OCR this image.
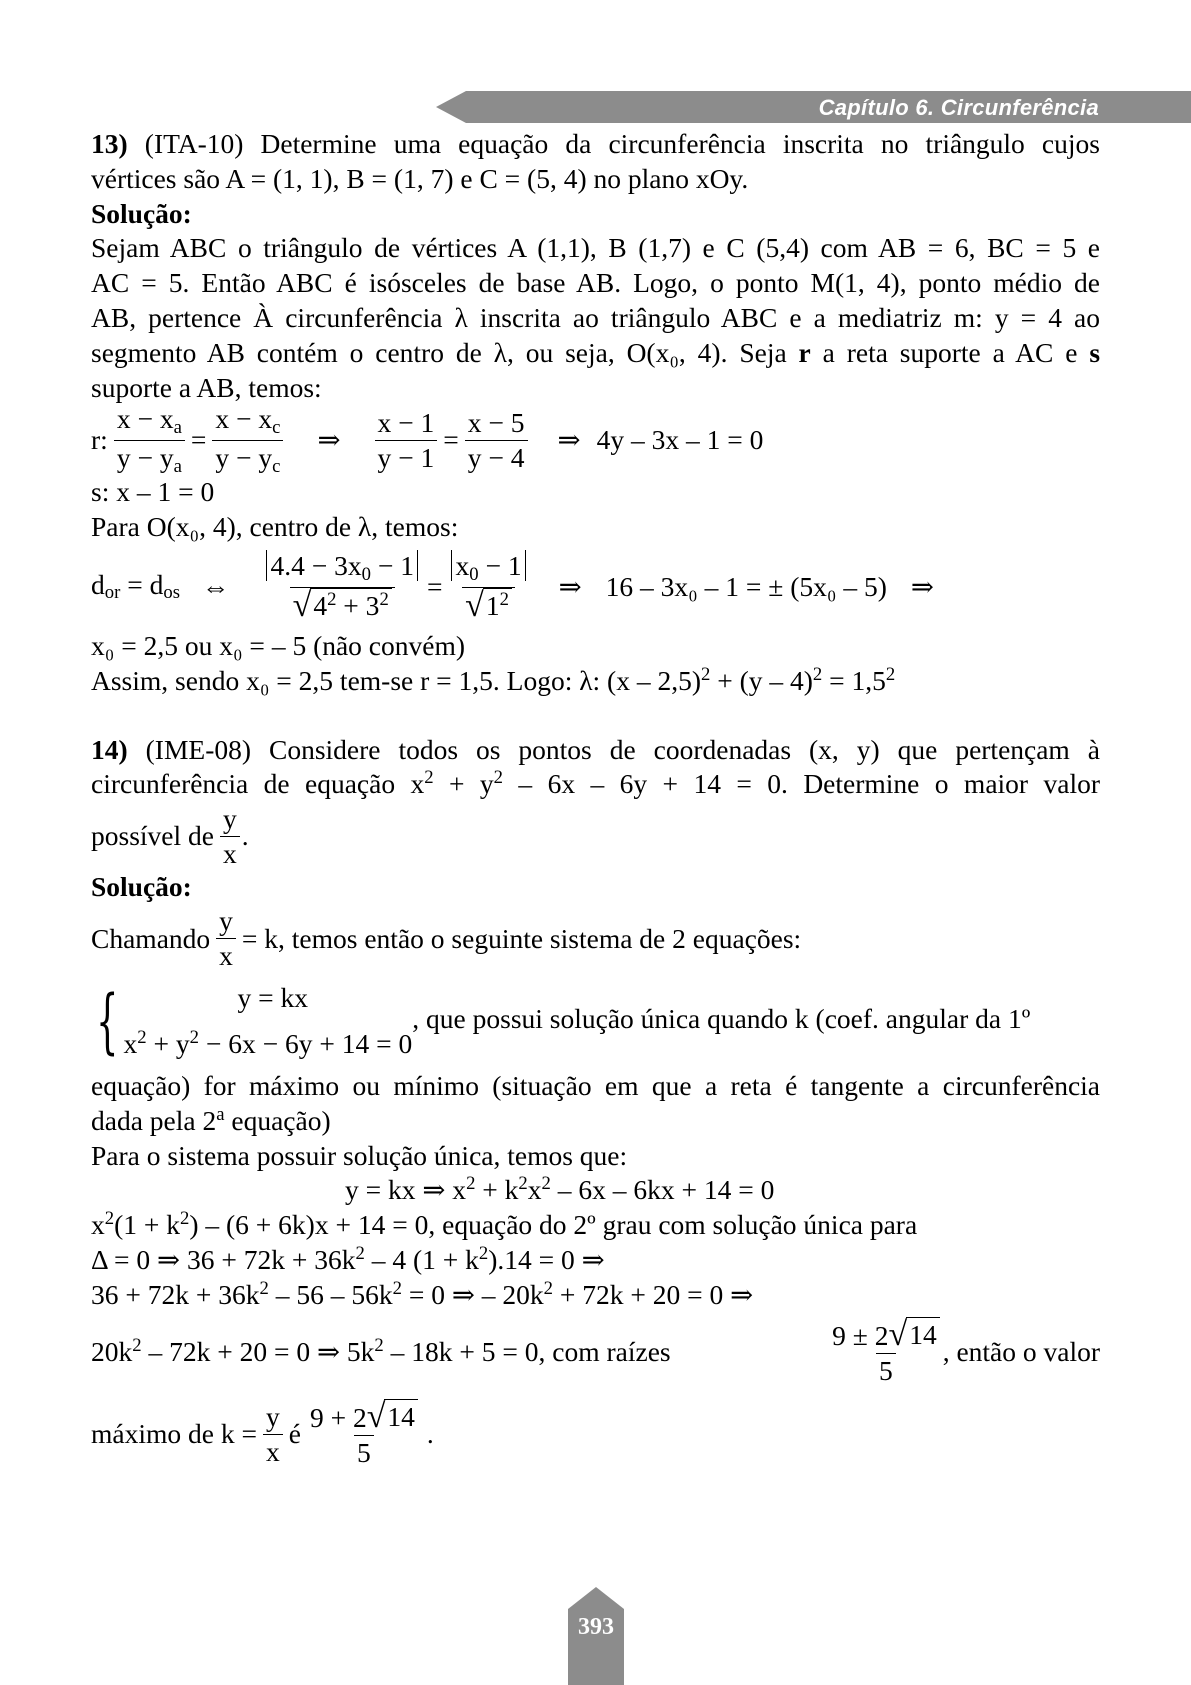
Capítulo 6. Circunferência
13) (ITA-10) Determine uma equação da circunferência inscrita no triângulo cujos
vértices são A = (1, 1), B = (1, 7) e C = (5, 4) no plano xOy.
Solução:
Sejam ABC o triângulo de vértices A (1,1), B (1,7) e C (5,4) com AB = 6, BC = 5 e
AC = 5. Então ABC é isósceles de base AB. Logo, o ponto M(1, 4), ponto médio de
AB, pertence À circunferência λ inscrita ao triângulo ABC e a mediatriz m: y = 4 ao
segmento AB contém o centro de λ, ou seja, O(x₀, 4). Seja r a reta suporte a AC e s
suporte a AB, temos:
r: $\frac{x - xa}{y - ya} = \frac{x - xc}{y - yc}$ ⇒ $\frac{x - 1}{y - 1} = \frac{x - 5}{y - 4}$ ⇒ 4y – 3x – 1 = 0
s: x – 1 = 0
Para O(x₀, 4), centro de λ, temos:
dor = dos ⇔ $\frac{4.4 - 3x0 - 1}{√ 4^2 + 3^2} = \frac{x0 - 1}{√ 1^2}$ ⇒ 16 – 3x₀ – 1 = ± (5x₀ – 5) ⇒
x₀ = 2,5 ou x₀ = – 5 (não convém)
Assim, sendo x₀ = 2,5 tem-se r = 1,5. Logo: λ: $(x - 2,5)^2 + (y - 4)^2 = 1,5^2$
14) (IME-08) Considere todos os pontos de coordenadas (x, y) que pertençam à
circunferência de equação $x^2 + y^2 - 6x - 6y + 14 = 0$. Determine o maior valor
possível de $\frac{y}{x}$ .
Solução:
Chamando $\frac{y}{x} = k$, temos então o seguinte sistema de 2 equações:
{	y = kx
$x^2 + y^2 - 6x - 6y + 14 = 0$
, que possui solução única quando k (coef. angular da 1º
equação) for máximo ou mínimo (situação em que a reta é tangente a circunferência
dada pela 2$^a$ equação)
Para o sistema possuir solução única, temos que:
y = kx ⇒ $x^2 + k^2x^2 - 6x - 6kx + 14 = 0$
$x^2(1 + k^2) - (6 + 6k)x + 14 = 0$, equação do 2º grau com solução única para
Δ = 0 ⇒ $36 + 72k + 36k^2 - 4$ $(1 + k^2).14 = 0$ ⇒
$36 + 72k + 36k^2 - 56 - 56k^2 = 0$ ⇒ – $20k^2 + 72k + 20 = 0$ ⇒
$20k^2 - 72k + 20 = 0$ ⇒ $5k^2 - 18k + 5 = 0$, com raízes	$\frac{9 \pm 2 √ 14}{5}$ , então o valor
máximo de $k = \frac{y}{x}$ é $\frac{9 + 2 √ 14}{5}$ .
393
